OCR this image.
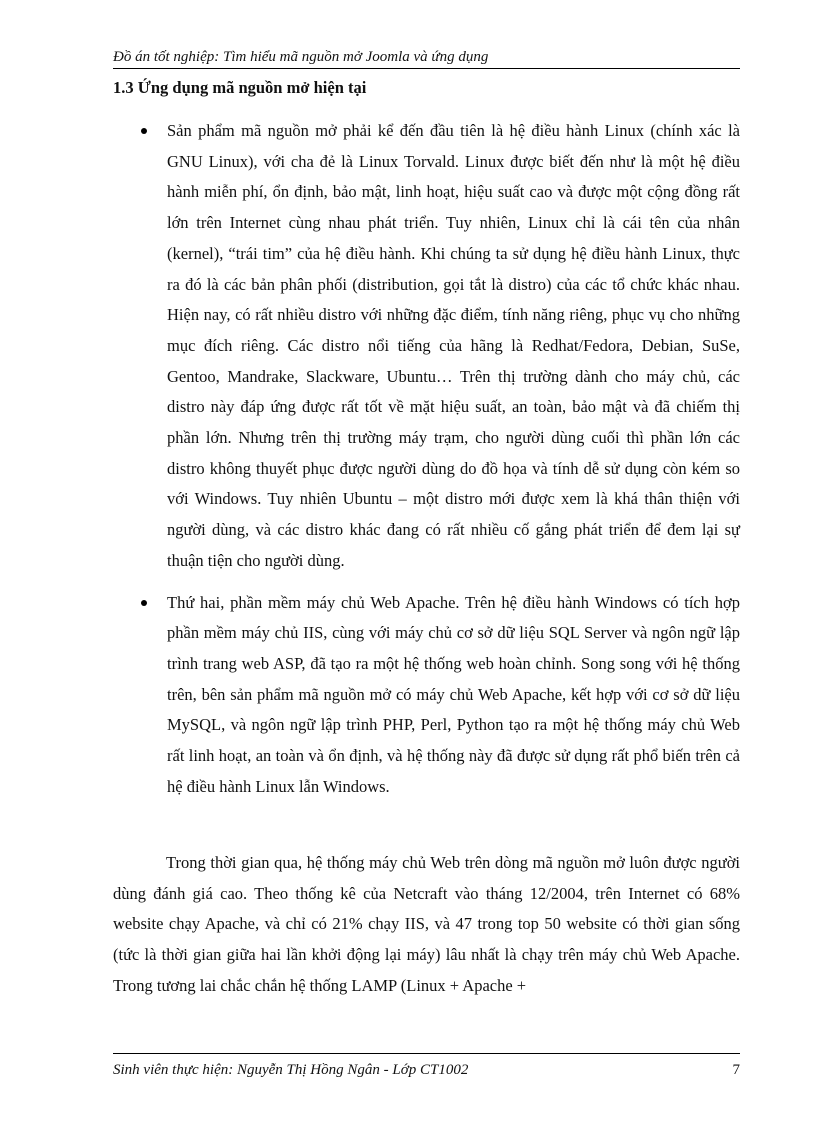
Đồ án tốt nghiệp: Tìm hiểu mã nguồn mở Joomla và ứng dụng
1.3 Ứng dụng mã nguồn mở hiện tại
Sản phẩm mã nguồn mở phải kể đến đầu tiên là hệ điều hành Linux (chính xác là GNU Linux), với cha đẻ là Linux Torvald. Linux được biết đến như là một hệ điều hành miễn phí, ổn định, bảo mật, linh hoạt, hiệu suất cao và được một cộng đồng rất lớn trên Internet cùng nhau phát triển. Tuy nhiên, Linux chỉ là cái tên của nhân (kernel), “trái tim” của hệ điều hành. Khi chúng ta sử dụng hệ điều hành Linux, thực ra đó là các bản phân phối (distribution, gọi tắt là distro) của các tổ chức khác nhau. Hiện nay, có rất nhiều distro với những đặc điểm, tính năng riêng, phục vụ cho những mục đích riêng. Các distro nổi tiếng của hãng là Redhat/Fedora, Debian, SuSe, Gentoo, Mandrake, Slackware, Ubuntu… Trên thị trường dành cho máy chủ, các distro này đáp ứng được rất tốt về mặt hiệu suất, an toàn, bảo mật và đã chiếm thị phần lớn. Nhưng trên thị trường máy trạm, cho người dùng cuối thì phần lớn các distro không thuyết phục được người dùng do đồ họa và tính dễ sử dụng còn kém so với Windows. Tuy nhiên Ubuntu – một distro mới được xem là khá thân thiện với người dùng, và các distro khác đang có rất nhiều cố gắng phát triển để đem lại sự thuận tiện cho người dùng.
Thứ hai, phần mềm máy chủ Web Apache. Trên hệ điều hành Windows có tích hợp phần mềm máy chủ IIS, cùng với máy chủ cơ sở dữ liệu SQL Server và ngôn ngữ lập trình trang web ASP, đã tạo ra một hệ thống web hoàn chỉnh. Song song với hệ thống trên, bên sản phẩm mã nguồn mở có máy chủ Web Apache, kết hợp với cơ sở dữ liệu MySQL, và ngôn ngữ lập trình PHP, Perl, Python tạo ra một hệ thống máy chủ Web rất linh hoạt, an toàn và ổn định, và hệ thống này đã được sử dụng rất phổ biến trên cả hệ điều hành Linux lẫn Windows.

Trong thời gian qua, hệ thống máy chủ Web trên dòng mã nguồn mở luôn được người dùng đánh giá cao. Theo thống kê của Netcraft vào tháng 12/2004, trên Internet có 68% website chạy Apache, và chỉ có 21% chạy IIS, và 47 trong top 50 website có thời gian sống (tức là thời gian giữa hai lần khởi động lại máy) lâu nhất là chạy trên máy chủ Web Apache. Trong tương lai chắc chắn hệ thống LAMP (Linux + Apache +

Sinh viên thực hiện: Nguyễn Thị Hồng Ngân - Lớp CT1002	7
